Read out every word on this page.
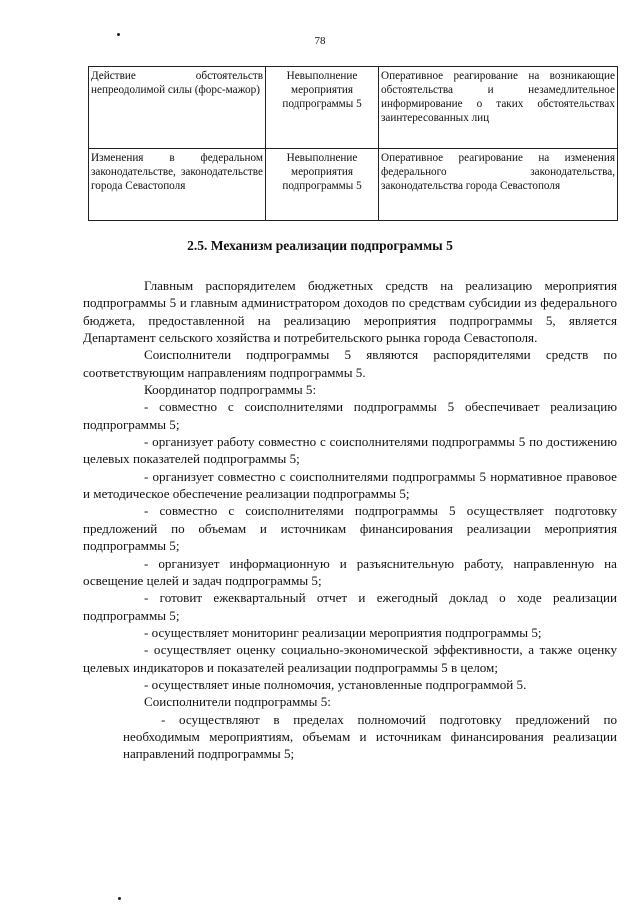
78
Действие обстоятельств непреодолимой силы (форс-мажор)	Невыполнение мероприятия подпрограммы 5	Оперативное реагирование на возникающие обстоятельства и незамедлительное информирование о таких обстоятельствах заинтересованных лиц
Изменения в федеральном законодательстве, законодательстве города Севастополя	Невыполнение мероприятия подпрограммы 5	Оперативное реагирование на изменения федерального законодательства, законодательства города Севастополя
2.5. Механизм реализации подпрограммы 5

Главным распорядителем бюджетных средств на реализацию мероприятия подпрограммы 5 и главным администратором доходов по средствам субсидии из федерального бюджета, предоставленной на реализацию мероприятия подпрограммы 5, является Департамент сельского хозяйства и потребительского рынка города Севастополя.

Соисполнители подпрограммы 5 являются распорядителями средств по соответствующим направлениям подпрограммы 5.

Координатор подпрограммы 5:

- совместно с соисполнителями подпрограммы 5 обеспечивает реализацию подпрограммы 5;

- организует работу совместно с соисполнителями подпрограммы 5 по достижению целевых показателей подпрограммы 5;

- организует совместно с соисполнителями подпрограммы 5 нормативное правовое и методическое обеспечение реализации подпрограммы 5;

- совместно с соисполнителями подпрограммы 5 осуществляет подготовку предложений по объемам и источникам финансирования реализации мероприятия подпрограммы 5;

- организует информационную и разъяснительную работу, направленную на освещение целей и задач подпрограммы 5;

- готовит ежеквартальный отчет и ежегодный доклад о ходе реализации подпрограммы 5;

- осуществляет мониторинг реализации мероприятия подпрограммы 5;

- осуществляет оценку социально-экономической эффективности, а также оценку целевых индикаторов и показателей реализации подпрограммы 5 в целом;

- осуществляет иные полномочия, установленные подпрограммой 5.

Соисполнители подпрограммы 5:

- осуществляют в пределах полномочий подготовку предложений по необходимым мероприятиям, объемам и источникам финансирования реализации направлений подпрограммы 5;
